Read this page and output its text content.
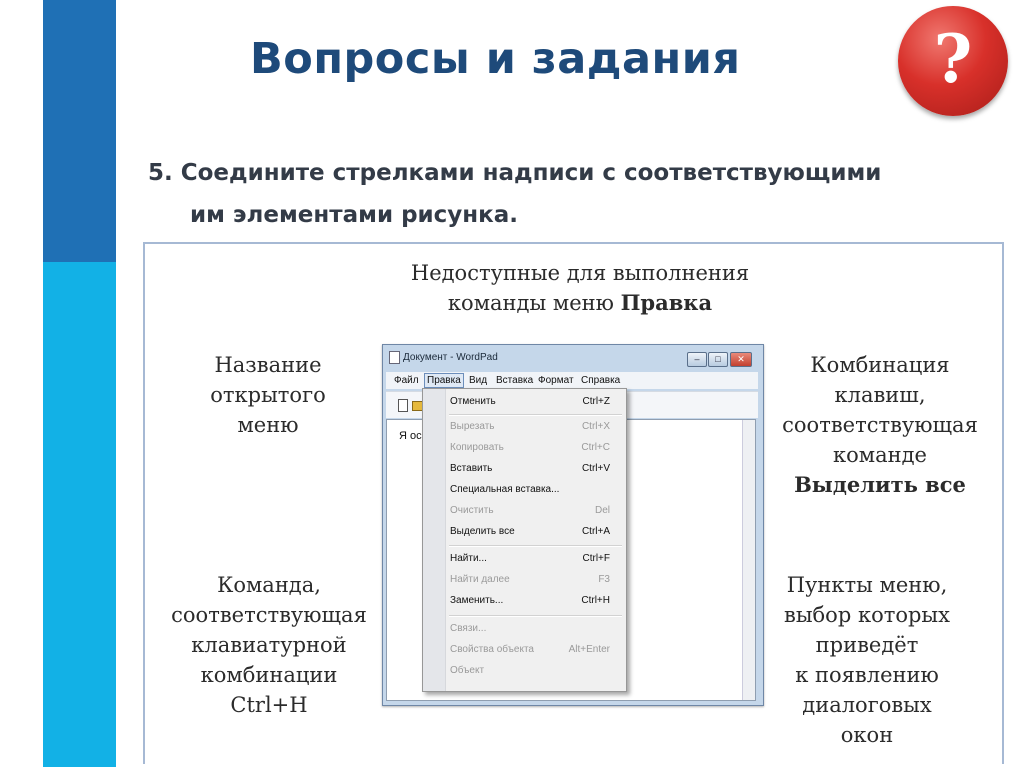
Вопросы и задания	?
5. Соедините стрелками надписи с соответствующими
им элементами рисунка.
Недоступные для выполнения
команды меню Правка
Название
открытого
меню
Команда,
соответствующая
клавиатурной
комбинации
Ctrl+H
Комбинация
клавиш,
соответствующая
команде
Выделить все
Пункты меню,
выбор которых
приведёт
к появлению
диалоговых
окон
Документ - WordPad	–	□	✕
Файл Правка Вид Вставка Формат Справка
Я ос
Отменить	Ctrl+Z
Вырезать	Ctrl+X
Копировать	Ctrl+C
Вставить	Ctrl+V
Специальная вставка...
Очистить	Del
Выделить все	Ctrl+A
Найти...	Ctrl+F
Найти далее	F3
Заменить...	Ctrl+H
Связи...
Свойства объекта	Alt+Enter
Объект
